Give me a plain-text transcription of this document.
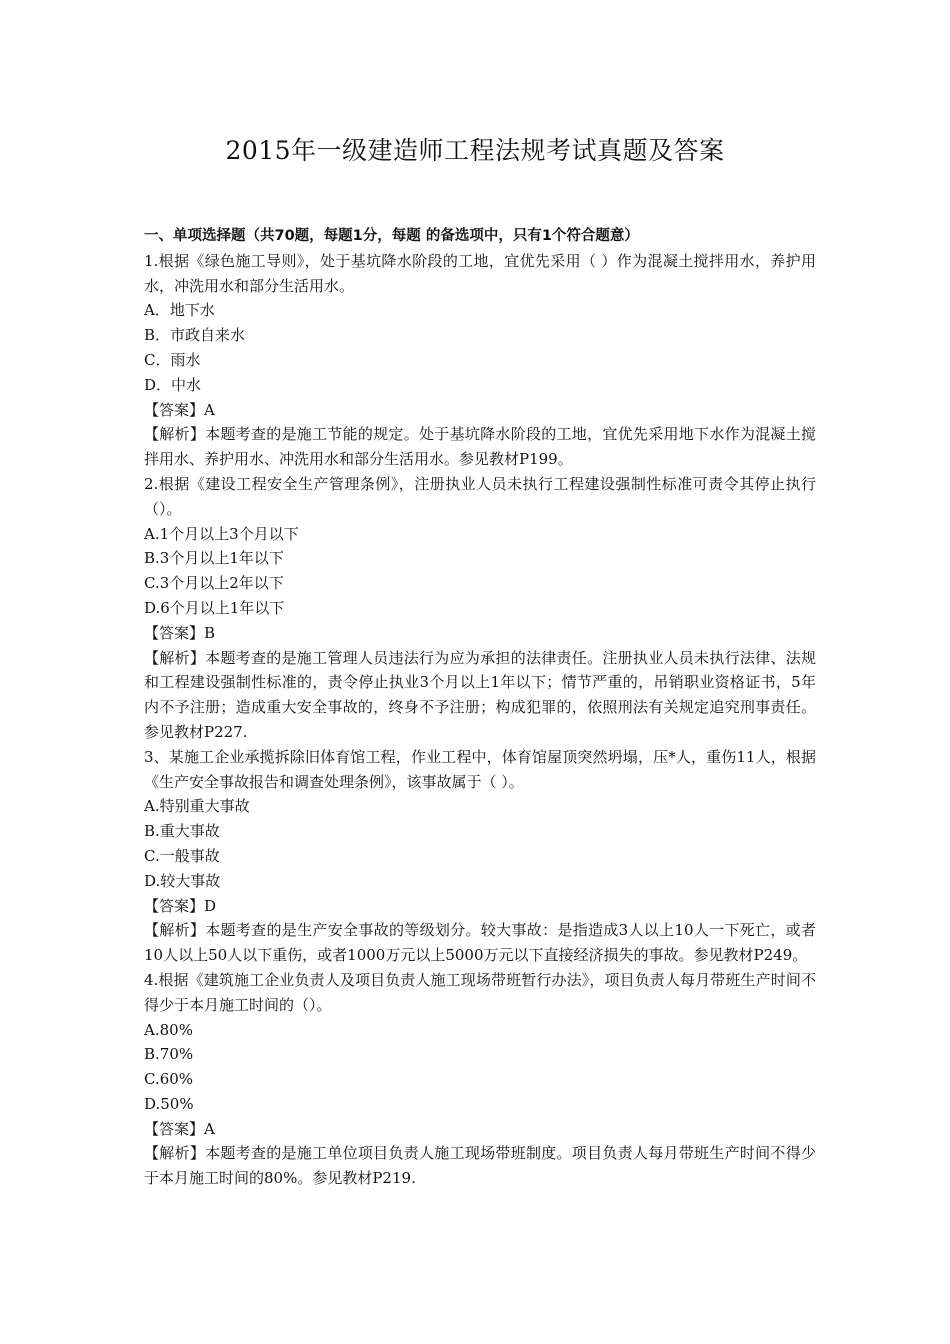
2015年一级建造师工程法规考试真题及答案

一、单项选择题（共70题，每题1分，每题 的备选项中，只有1个符合题意）

1.根据《绿色施工导则》，处于基坑降水阶段的工地，宜优先采用（ ）作为混凝土搅拌用水，养护用水，冲洗用水和部分生活用水。

A．地下水

B．市政自来水

C．雨水

D．中水

【答案】A

【解析】本题考查的是施工节能的规定。处于基坑降水阶段的工地，宜优先采用地下水作为混凝土搅拌用水、养护用水、冲洗用水和部分生活用水。参见教材P199。

2.根据《建设工程安全生产管理条例》，注册执业人员未执行工程建设强制性标准可责令其停止执行（）。

A.1个月以上3个月以下

B.3个月以上1年以下

C.3个月以上2年以下

D.6个月以上1年以下

【答案】B

【解析】本题考查的是施工管理人员违法行为应为承担的法律责任。注册执业人员未执行法律、法规和工程建设强制性标准的，责令停止执业3个月以上1年以下；情节严重的，吊销职业资格证书，5年内不予注册；造成重大安全事故的，终身不予注册；构成犯罪的，依照刑法有关规定追究刑事责任。参见教材P227.

3、某施工企业承揽拆除旧体育馆工程，作业工程中，体育馆屋顶突然坍塌，压*人，重伤11人，根据《生产安全事故报告和调查处理条例》，该事故属于（ ）。

A.特别重大事故

B.重大事故

C.一般事故

D.较大事故

【答案】D

【解析】本题考查的是生产安全事故的等级划分。较大事故：是指造成3人以上10人一下死亡，或者10人以上50人以下重伤，或者1000万元以上5000万元以下直接经济损失的事故。参见教材P249。

4.根据《建筑施工企业负责人及项目负责人施工现场带班暂行办法》，项目负责人每月带班生产时间不得少于本月施工时间的（）。

A.80%

B.70%

C.60%

D.50%

【答案】A

【解析】本题考查的是施工单位项目负责人施工现场带班制度。项目负责人每月带班生产时间不得少于本月施工时间的80%。参见教材P219.
